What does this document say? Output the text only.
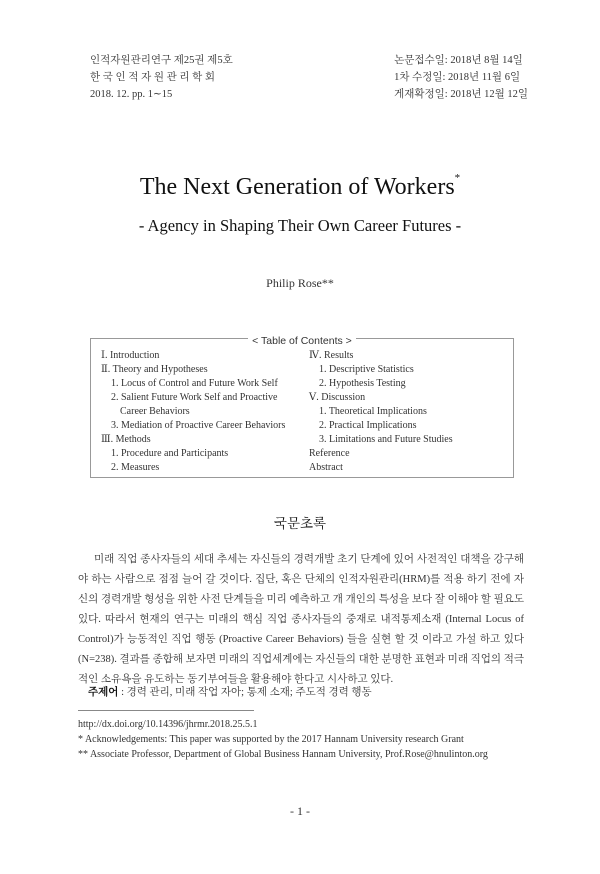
인적자원관리연구 제25권 제5호
한 국 인 적 자 원 관 리 학 회
2018. 12. pp. 1∼15
논문접수일: 2018년 8월 14일
1차 수정일: 2018년 11월 6일
게재확정일: 2018년 12월 12일
The Next Generation of Workers*
- Agency in Shaping Their Own Career Futures -
Philip Rose**
< Table of Contents >
Ⅰ. Introduction
Ⅱ. Theory and Hypotheses
1. Locus of Control and Future Work Self
2. Salient Future Work Self and Proactive
Career Behaviors
3. Mediation of Proactive Career Behaviors
Ⅲ. Methods
1. Procedure and Participants
2. Measures
Ⅳ. Results
1. Descriptive Statistics
2. Hypothesis Testing
Ⅴ. Discussion
1. Theoretical Implications
2. Practical Implications
3. Limitations and Future Studies
Reference
Abstract
국문초록
미래 직업 종사자들의 세대 추세는 자신들의 경력개발 초기 단계에 있어 사전적인 대책을 강구해야 하는 사람으로 점점 늘어 갈 것이다. 집단, 혹은 단체의 인적자원관리(HRM)를 적용 하기 전에 자신의 경력개발 형성을 위한 사전 단계들을 미리 예측하고 개 개인의 특성을 보다 잘 이해야 할 필요도 있다. 따라서 현재의 연구는 미래의 핵심 직업 종사자들의 중재로 내적통제소재 (Internal Locus of Control)가 능동적인 직업 행동 (Proactive Career Behaviors) 들을 실현 할 것 이라고 가설 하고 있다 (N=238). 결과를 종합해 보자면 미래의 직업세계에는 자신들의 대한 분명한 표현과 미래 직업의 적극적인 소유욕을 유도하는 동기부여들을 활용해야 한다고 시사하고 있다.
주제어 : 경력 관리, 미래 작업 자아; 통제 소재; 주도적 경력 행동
http://dx.doi.org/10.14396/jhrmr.2018.25.5.1
* Acknowledgements: This paper was supported by the 2017 Hannam University research Grant
** Associate Professor, Department of Global Business Hannam University, Prof.Rose@hnulinton.org
- 1 -
